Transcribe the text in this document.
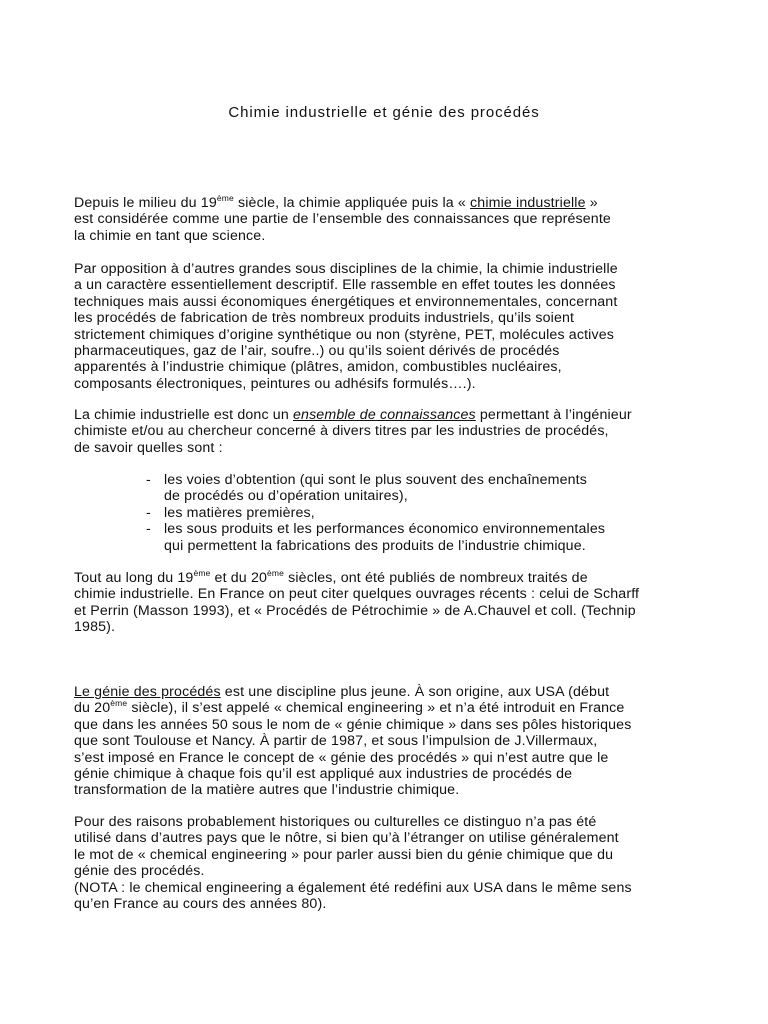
Chimie industrielle et génie des procédés
Depuis le milieu du 19ème siècle, la chimie appliquée puis la « chimie industrielle »
est considérée comme une partie de l’ensemble des connaissances que représente
la chimie en tant que science.
Par opposition à d’autres grandes sous disciplines de la chimie, la chimie industrielle
a un caractère essentiellement descriptif. Elle rassemble en effet toutes les données
techniques mais aussi économiques énergétiques et environnementales, concernant
les procédés de fabrication de très nombreux produits industriels, qu’ils soient
strictement chimiques d’origine synthétique ou non (styrène, PET, molécules actives
pharmaceutiques, gaz de l’air, soufre..) ou qu’ils soient dérivés de procédés
apparentés à l’industrie chimique (plâtres, amidon, combustibles nucléaires,
composants électroniques, peintures ou adhésifs formulés….).
La chimie industrielle est donc un ensemble de connaissances permettant à l’ingénieur
chimiste et/ou au chercheur concerné à divers titres par les industries de procédés,
de savoir quelles sont :
- les voies d’obtention (qui sont le plus souvent des enchaînements
de procédés ou d’opération unitaires),
- les matières premières,
- les sous produits et les performances économico environnementales
qui permettent la fabrications des produits de l’industrie chimique.
Tout au long du 19ème et du 20ème siècles, ont été publiés de nombreux traités de
chimie industrielle. En France on peut citer quelques ouvrages récents : celui de Scharff
et Perrin (Masson 1993), et « Procédés de Pétrochimie » de A.Chauvel et coll. (Technip
1985).
Le génie des procédés est une discipline plus jeune. À son origine, aux USA (début
du 20ème siècle), il s’est appelé « chemical engineering » et n’a été introduit en France
que dans les années 50 sous le nom de « génie chimique » dans ses pôles historiques
que sont Toulouse et Nancy. À partir de 1987, et sous l’impulsion de J.Villermaux,
s’est imposé en France le concept de « génie des procédés » qui n’est autre que le
génie chimique à chaque fois qu’il est appliqué aux industries de procédés de
transformation de la matière autres que l’industrie chimique.
Pour des raisons probablement historiques ou culturelles ce distinguo n’a pas été
utilisé dans d’autres pays que le nôtre, si bien qu’à l’étranger on utilise généralement
le mot de « chemical engineering » pour parler aussi bien du génie chimique que du
génie des procédés.
(NOTA : le chemical engineering a également été redéfini aux USA dans le même sens
qu’en France au cours des années 80).
